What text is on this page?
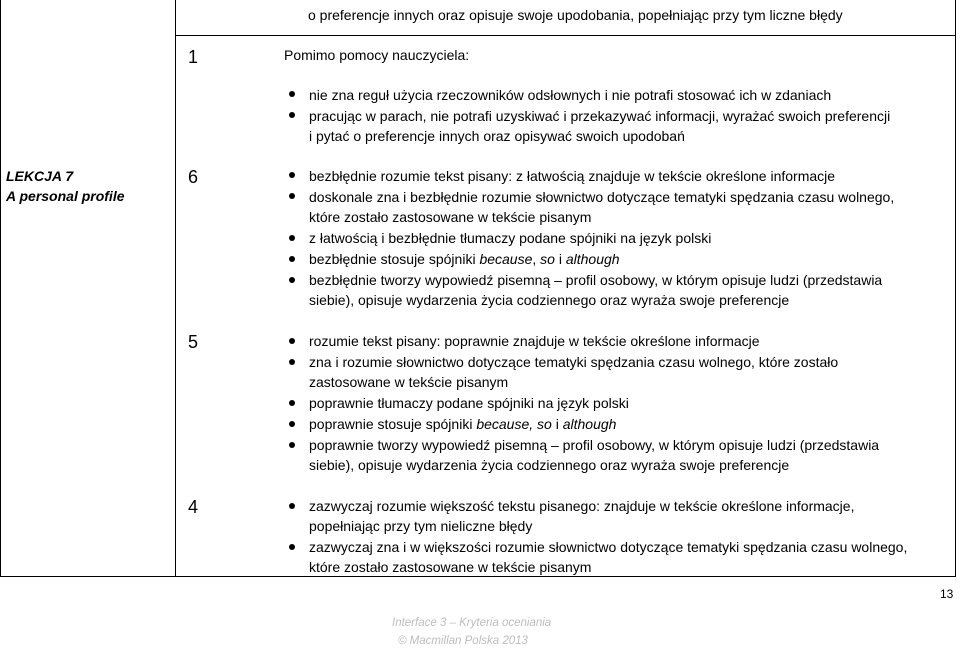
LEKCJA 7
A personal profile
o preferencje innych oraz opisuje swoje upodobania, popełniając przy tym liczne błędy
1	Pomimo pomocy nauczyciela:
nie zna reguł użycia rzeczowników odsłownych i nie potrafi stosować ich w zdaniach
pracując w parach, nie potrafi uzyskiwać i przekazywać informacji, wyrażać swoich preferencji
i pytać o preferencje innych oraz opisywać swoich upodobań
6	bezbłędnie rozumie tekst pisany: z łatwością znajduje w tekście określone informacje
doskonale zna i bezbłędnie rozumie słownictwo dotyczące tematyki spędzania czasu wolnego,
które zostało zastosowane w tekście pisanym
z łatwością i bezbłędnie tłumaczy podane spójniki na język polski
bezbłędnie stosuje spójniki because, so i although
bezbłędnie tworzy wypowiedź pisemną – profil osobowy, w którym opisuje ludzi (przedstawia
siebie), opisuje wydarzenia życia codziennego oraz wyraża swoje preferencje
5	rozumie tekst pisany: poprawnie znajduje w tekście określone informacje
zna i rozumie słownictwo dotyczące tematyki spędzania czasu wolnego, które zostało
zastosowane w tekście pisanym
poprawnie tłumaczy podane spójniki na język polski
poprawnie stosuje spójniki because, so i although
poprawnie tworzy wypowiedź pisemną – profil osobowy, w którym opisuje ludzi (przedstawia
siebie), opisuje wydarzenia życia codziennego oraz wyraża swoje preferencje
4	zazwyczaj rozumie większość tekstu pisanego: znajduje w tekście określone informacje,
popełniając przy tym nieliczne błędy
zazwyczaj zna i w większości rozumie słownictwo dotyczące tematyki spędzania czasu wolnego,
które zostało zastosowane w tekście pisanym
13
Interface 3 – Kryteria oceniania
© Macmillan Polska 2013
